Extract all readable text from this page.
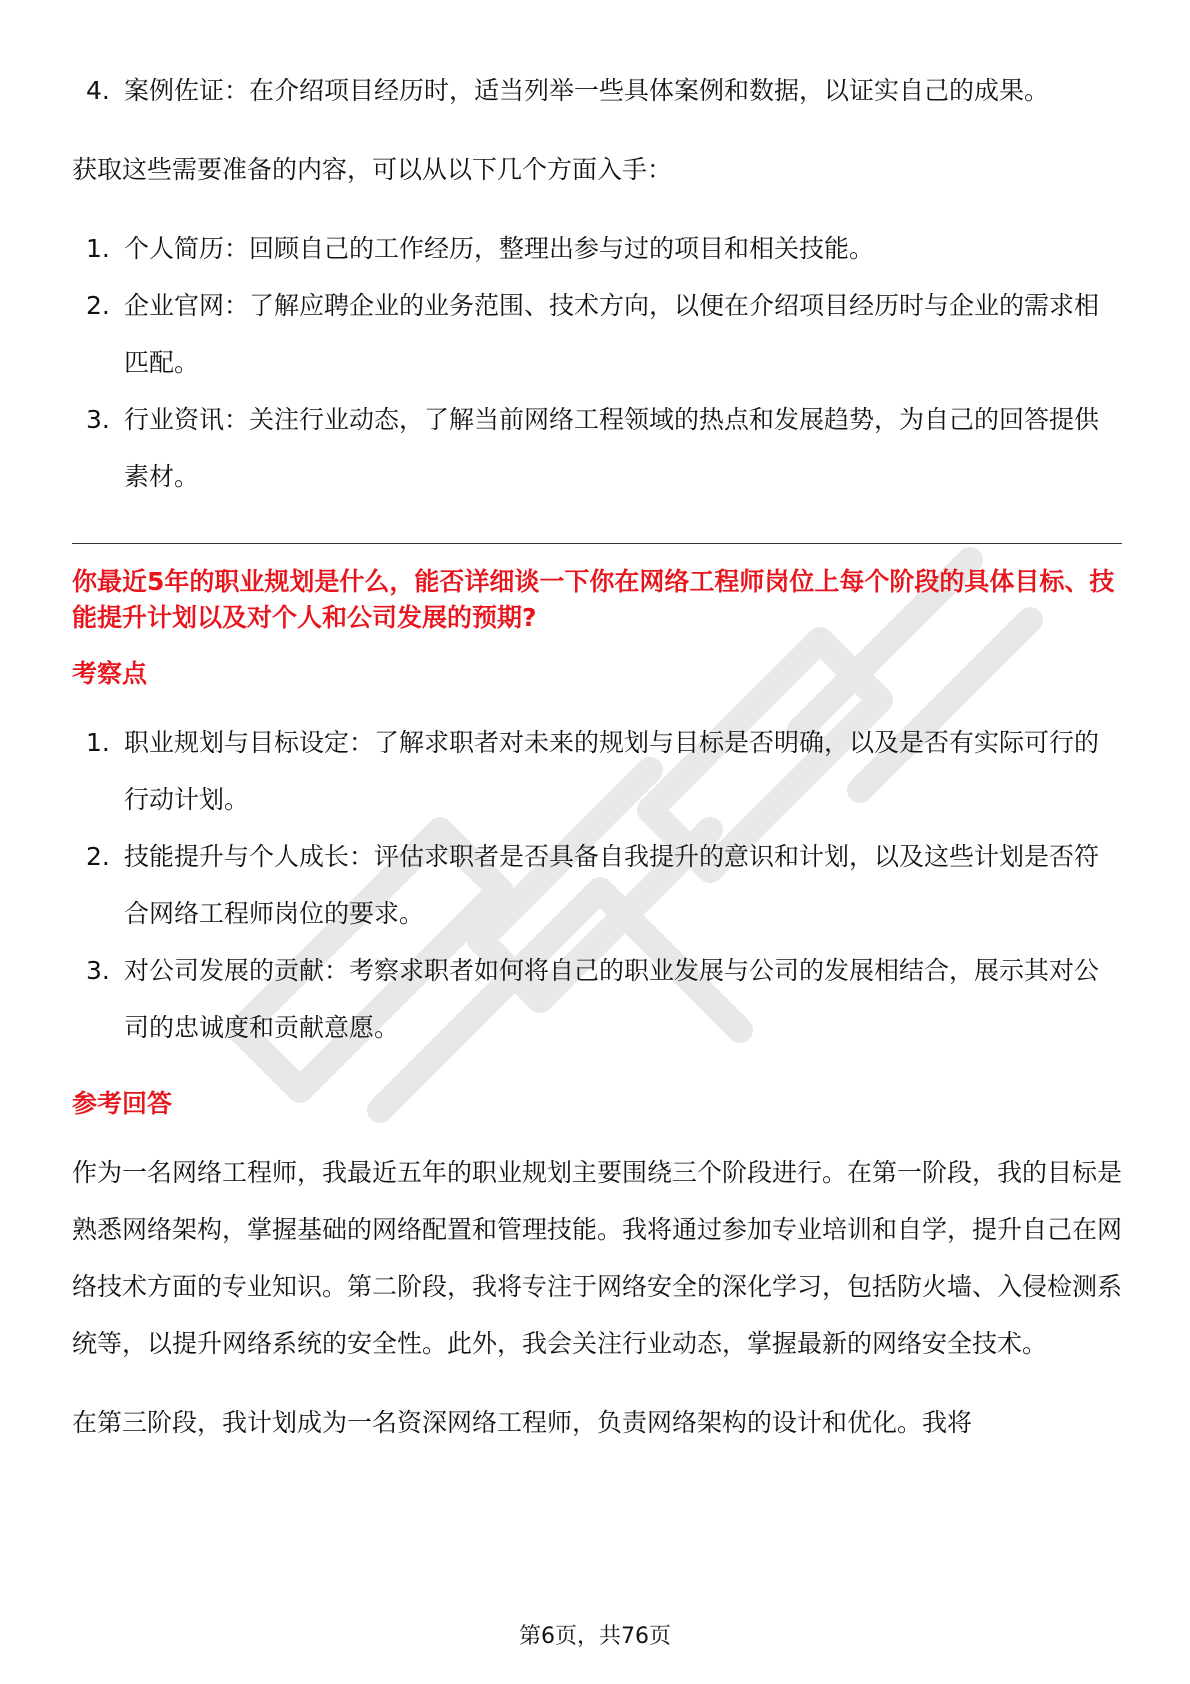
4. 案例佐证：在介绍项目经历时，适当列举一些具体案例和数据，以证实自己的成果。

获取这些需要准备的内容，可以从以下几个方面入手：

1. 个人简历：回顾自己的工作经历，整理出参与过的项目和相关技能。
2. 企业官网：了解应聘企业的业务范围、技术方向，以便在介绍项目经历时与企业的需求相匹配。
3. 行业资讯：关注行业动态，了解当前网络工程领域的热点和发展趋势，为自己的回答提供素材。

你最近5年的职业规划是什么，能否详细谈一下你在网络工程师岗位上每个阶段的具体目标、技能提升计划以及对个人和公司发展的预期?

考察点

1. 职业规划与目标设定：了解求职者对未来的规划与目标是否明确，以及是否有实际可行的行动计划。
2. 技能提升与个人成长：评估求职者是否具备自我提升的意识和计划，以及这些计划是否符合网络工程师岗位的要求。
3. 对公司发展的贡献：考察求职者如何将自己的职业发展与公司的发展相结合，展示其对公司的忠诚度和贡献意愿。

参考回答

作为一名网络工程师，我最近五年的职业规划主要围绕三个阶段进行。在第一阶段，我的目标是熟悉网络架构，掌握基础的网络配置和管理技能。我将通过参加专业培训和自学，提升自己在网络技术方面的专业知识。第二阶段，我将专注于网络安全的深化学习，包括防火墙、入侵检测系统等，以提升网络系统的安全性。此外，我会关注行业动态，掌握最新的网络安全技术。

在第三阶段，我计划成为一名资深网络工程师，负责网络架构的设计和优化。我将

第6页，共76页
